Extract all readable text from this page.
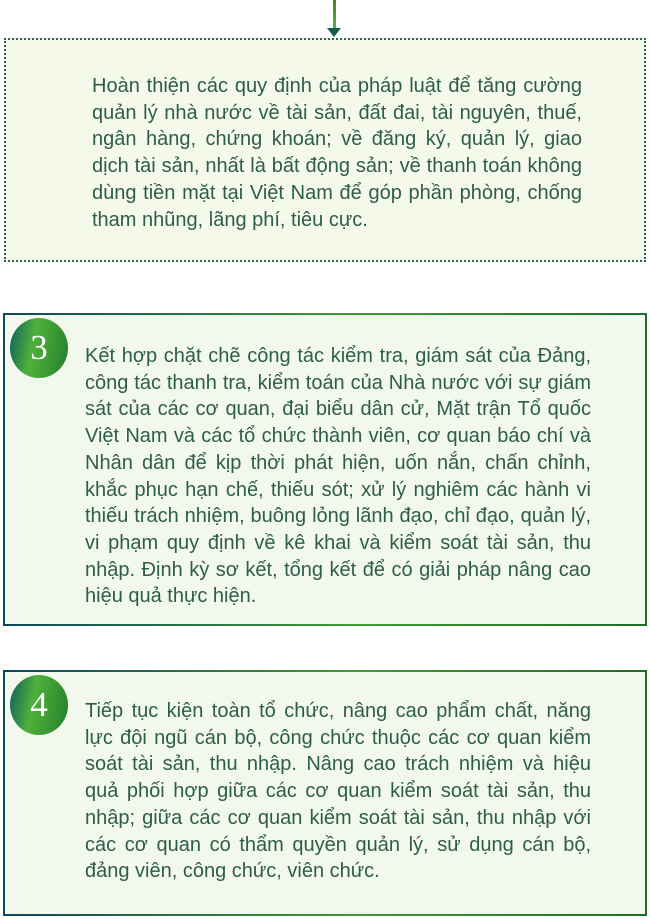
Hoàn thiện các quy định của pháp luật để tăng cường quản lý nhà nước về tài sản, đất đai, tài nguyên, thuế, ngân hàng, chứng khoán; về đăng ký, quản lý, giao dịch tài sản, nhất là bất động sản; về thanh toán không dùng tiền mặt tại Việt Nam để góp phần phòng, chống tham nhũng, lãng phí, tiêu cực.

3 Kết hợp chặt chẽ công tác kiểm tra, giám sát của Đảng, công tác thanh tra, kiểm toán của Nhà nước với sự giám sát của các cơ quan, đại biểu dân cử, Mặt trận Tổ quốc Việt Nam và các tổ chức thành viên, cơ quan báo chí và Nhân dân để kịp thời phát hiện, uốn nắn, chấn chỉnh, khắc phục hạn chế, thiếu sót; xử lý nghiêm các hành vi thiếu trách nhiệm, buông lỏng lãnh đạo, chỉ đạo, quản lý, vi phạm quy định về kê khai và kiểm soát tài sản, thu nhập. Định kỳ sơ kết, tổng kết để có giải pháp nâng cao hiệu quả thực hiện.

4 Tiếp tục kiện toàn tổ chức, nâng cao phẩm chất, năng lực đội ngũ cán bộ, công chức thuộc các cơ quan kiểm soát tài sản, thu nhập. Nâng cao trách nhiệm và hiệu quả phối hợp giữa các cơ quan kiểm soát tài sản, thu nhập; giữa các cơ quan kiểm soát tài sản, thu nhập với các cơ quan có thẩm quyền quản lý, sử dụng cán bộ, đảng viên, công chức, viên chức.
